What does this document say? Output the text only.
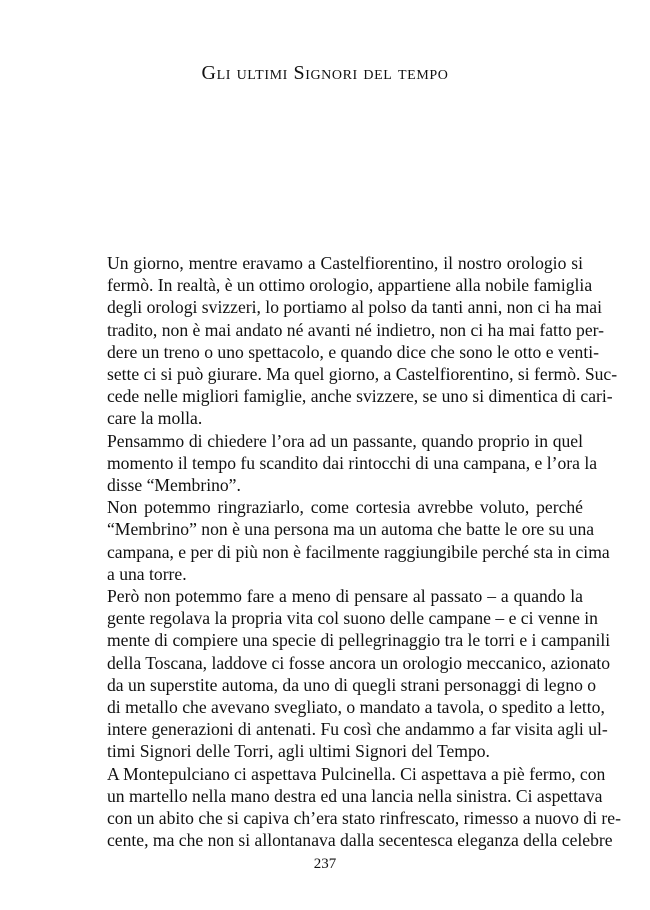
Gli ultimi Signori del tempo

Un giorno, mentre eravamo a Castelfiorentino, il nostro orologio si
fermò. In realtà, è un ottimo orologio, appartiene alla nobile famiglia
degli orologi svizzeri, lo portiamo al polso da tanti anni, non ci ha mai
tradito, non è mai andato né avanti né indietro, non ci ha mai fatto per-
dere un treno o uno spettacolo, e quando dice che sono le otto e venti-
sette ci si può giurare. Ma quel giorno, a Castelfiorentino, si fermò. Suc-
cede nelle migliori famiglie, anche svizzere, se uno si dimentica di cari-
care la molla.

Pensammo di chiedere l’ora ad un passante, quando proprio in quel
momento il tempo fu scandito dai rintocchi di una campana, e l’ora la
disse “Membrino”.

Non potemmo ringraziarlo, come cortesia avrebbe voluto, perché
“Membrino” non è una persona ma un automa che batte le ore su una
campana, e per di più non è facilmente raggiungibile perché sta in cima
a una torre.

Però non potemmo fare a meno di pensare al passato – a quando la
gente regolava la propria vita col suono delle campane – e ci venne in
mente di compiere una specie di pellegrinaggio tra le torri e i campanili
della Toscana, laddove ci fosse ancora un orologio meccanico, azionato
da un superstite automa, da uno di quegli strani personaggi di legno o
di metallo che avevano svegliato, o mandato a tavola, o spedito a letto,
intere generazioni di antenati. Fu così che andammo a far visita agli ul-
timi Signori delle Torri, agli ultimi Signori del Tempo.

A Montepulciano ci aspettava Pulcinella. Ci aspettava a piè fermo, con
un martello nella mano destra ed una lancia nella sinistra. Ci aspettava
con un abito che si capiva ch’era stato rinfrescato, rimesso a nuovo di re-
cente, ma che non si allontanava dalla secentesca eleganza della celebre

237
